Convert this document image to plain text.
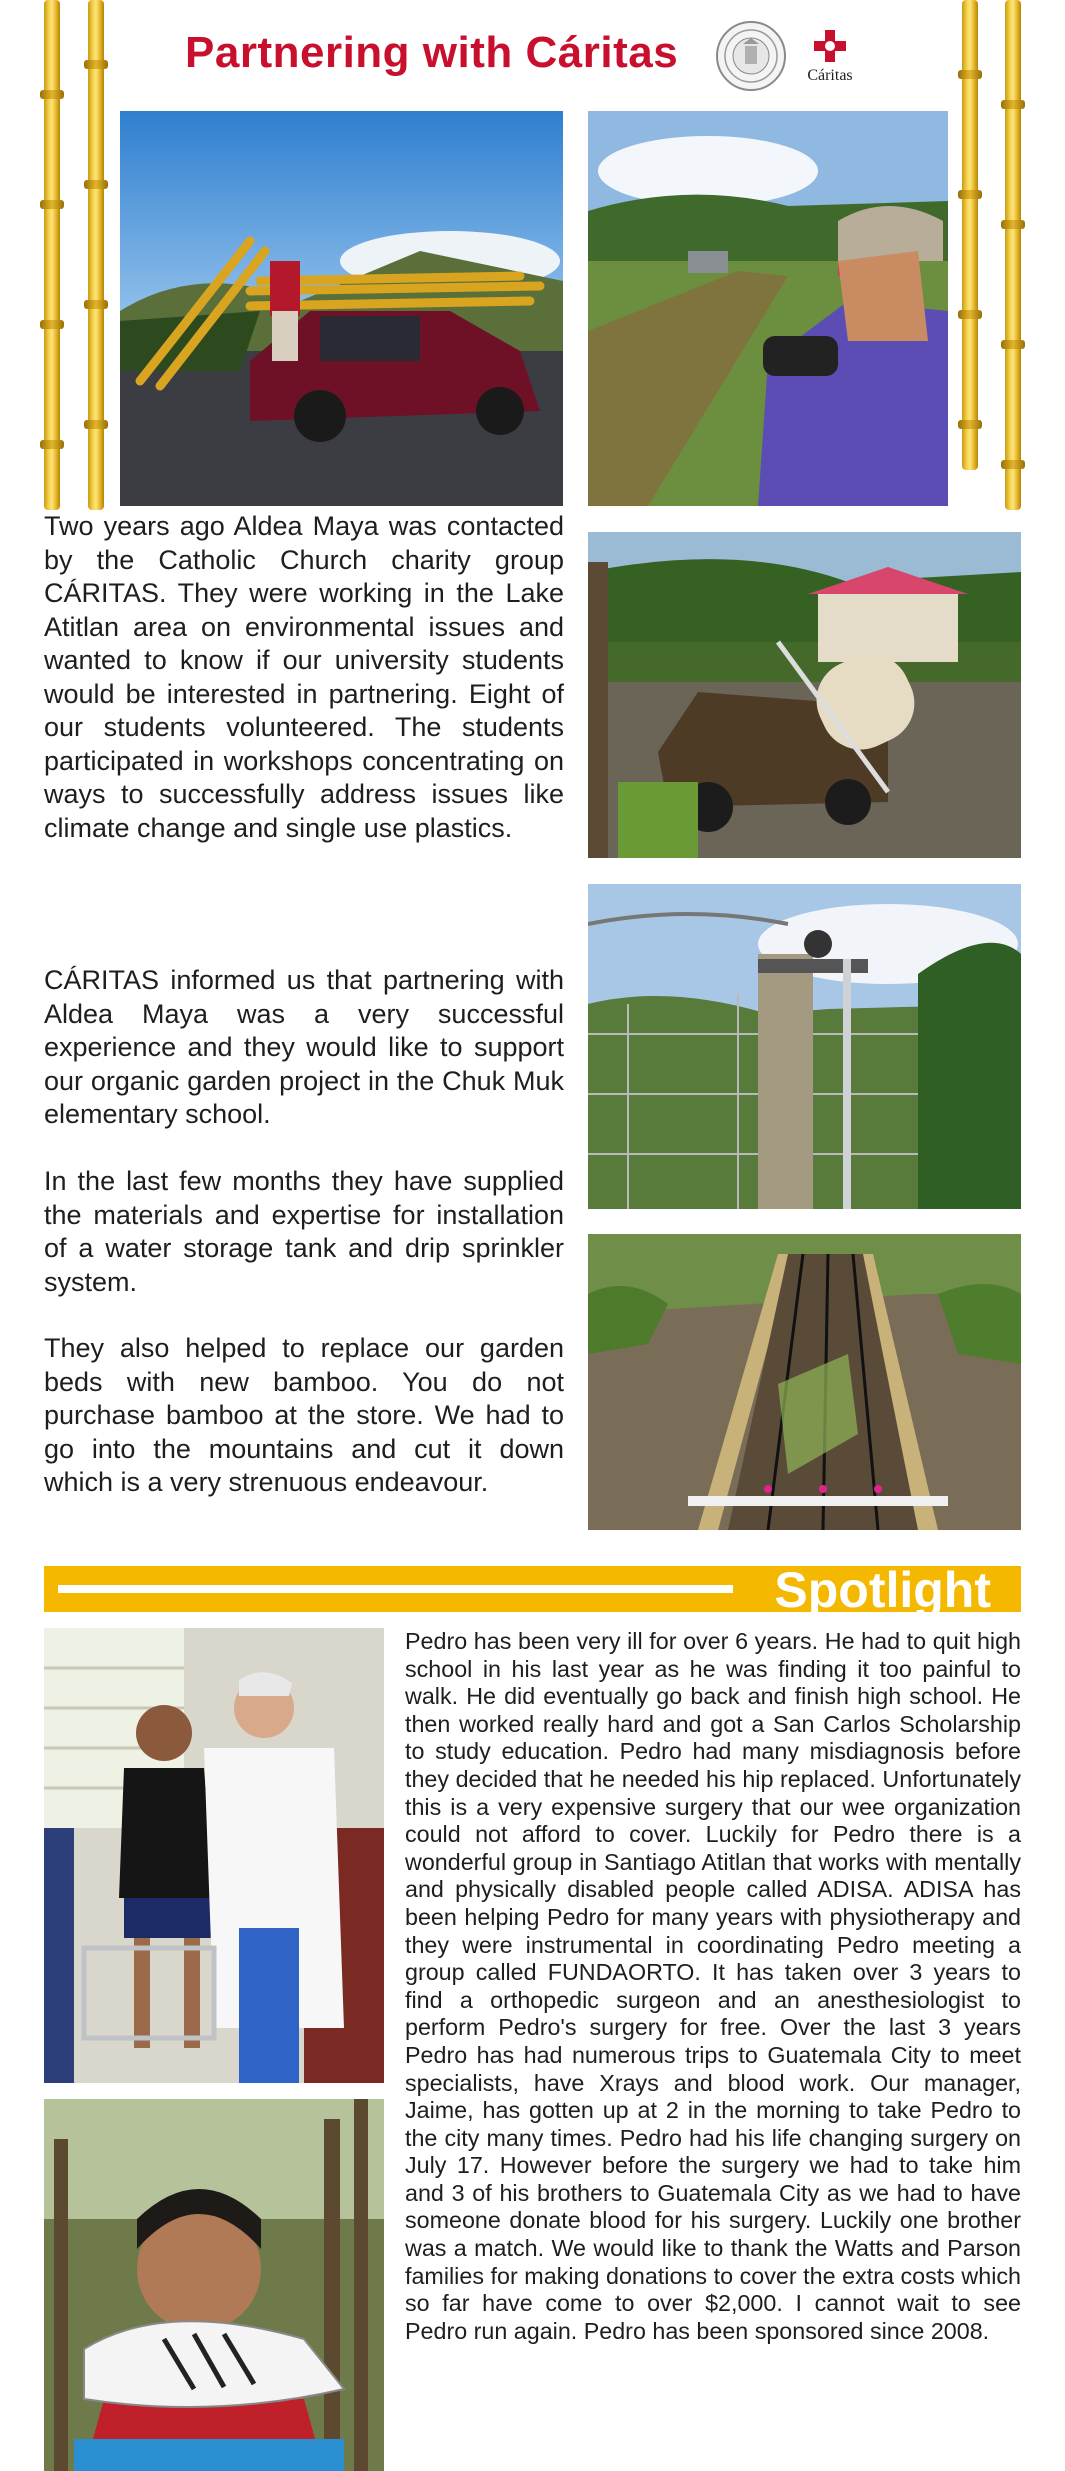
Partnering with Cáritas	Cáritas

Two years ago Aldea Maya was contacted by the Catholic Church charity group CÁRITAS. They were working in the Lake Atitlan area on environmental issues and wanted to know if our university students would be interested in partnering. Eight of our students volunteered. The students participated in workshops concentrating on ways to successfully address issues like climate change and single use plastics.

CÁRITAS informed us that partnering with Aldea Maya was a very successful experience and they would like to support our organic garden project in the Chuk Muk elementary school.

In the last few months they have supplied the materials and expertise for installation of a water storage tank and drip sprinkler system.

They also helped to replace our garden beds with new bamboo. You do not purchase bamboo at the store. We had to go into the mountains and cut it down which is a very strenuous endeavour.

Spotlight

Pedro has been very ill for over 6 years. He had to quit high school in his last year as he was finding it too painful to walk. He did eventually go back and finish high school. He then worked really hard and got a San Carlos Scholarship to study education. Pedro had many misdiagnosis before they decided that he needed his hip replaced. Unfortunately this is a very expensive surgery that our wee organization could not afford to cover. Luckily for Pedro there is a wonderful group in Santiago Atitlan that works with mentally and physically disabled people called ADISA. ADISA has been helping Pedro for many years with physiotherapy and they were instrumental in coordinating Pedro meeting a group called FUNDAORTO. It has taken over 3 years to find a orthopedic surgeon and an anesthesiologist to perform Pedro's surgery for free. Over the last 3 years Pedro has had numerous trips to Guatemala City to meet specialists, have Xrays and blood work. Our manager, Jaime, has gotten up at 2 in the morning to take Pedro to the city many times. Pedro had his life changing surgery on July 17. However before the surgery we had to take him and 3 of his brothers to Guatemala City as we had to have someone donate blood for his surgery. Luckily one brother was a match. We would like to thank the Watts and Parson families for making donations to cover the extra costs which so far have come to over $2,000. I cannot wait to see Pedro run again. Pedro has been sponsored since 2008.
